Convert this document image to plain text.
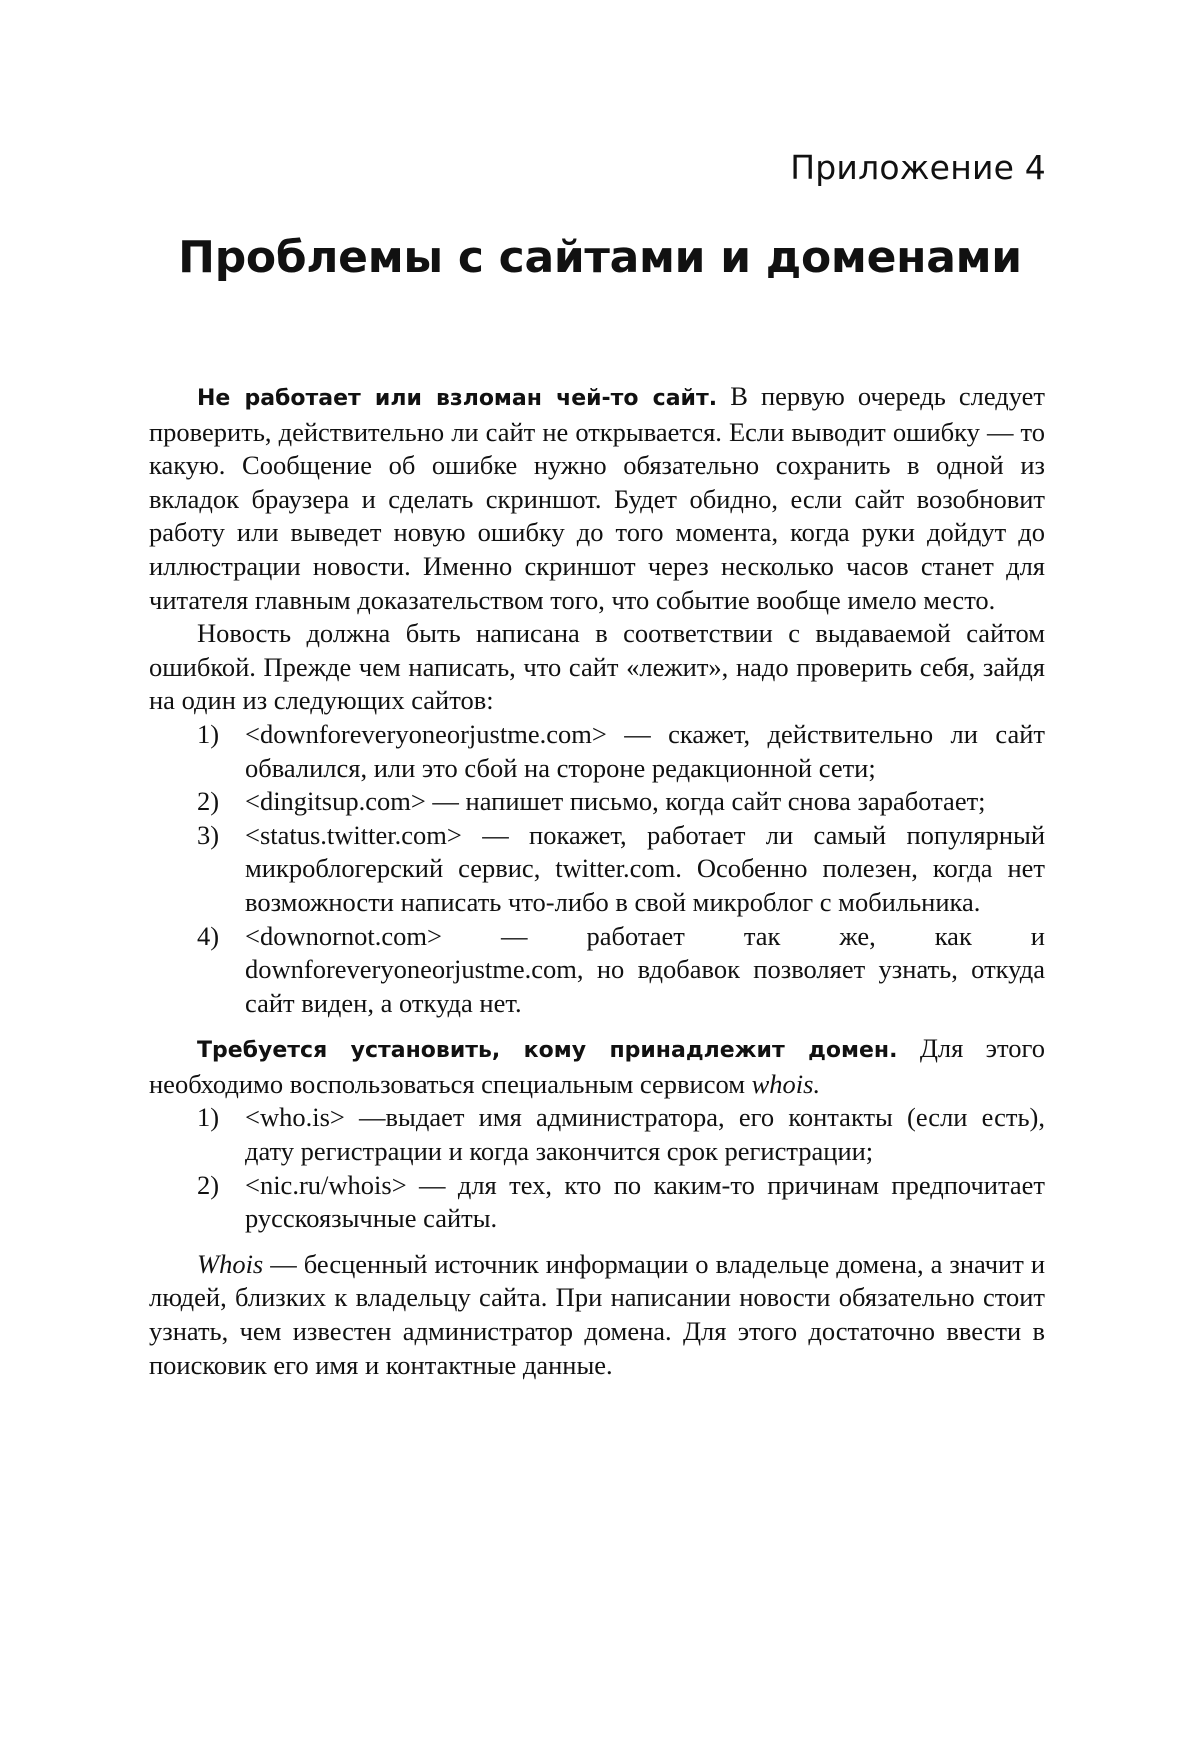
Приложение 4
Проблемы с сайтами и доменами

Не работает или взломан чей-то сайт. В первую очередь следует проверить, действительно ли сайт не открывается. Если выводит ошибку — то какую. Сообщение об ошибке нужно обязательно сохранить в одной из вкладок браузера и сделать скриншот. Будет обидно, если сайт возобновит работу или выведет новую ошибку до того момента, когда руки дойдут до иллюстрации новости. Именно скриншот через несколько часов станет для читателя главным доказательством того, что событие вообще имело место.

Новость должна быть написана в соответствии с выдаваемой сайтом ошибкой. Прежде чем написать, что сайт «лежит», надо проверить себя, зайдя на один из следующих сайтов:

1) <downforeveryoneorjustme.com> — скажет, действительно ли сайт обвалился, или это сбой на стороне редакционной сети;
2) <dingitsup.com> — напишет письмо, когда сайт снова заработает;
3) <status.twitter.com> — покажет, работает ли самый популярный микроблогерский сервис, twitter.com. Особенно полезен, когда нет возможности написать что-либо в свой микроблог с мобильника.
4) <downornot.com> — работает так же, как и downforeveryoneorjustme.com, но вдобавок позволяет узнать, откуда сайт виден, а откуда нет.

Требуется установить, кому принадлежит домен. Для этого необходимо воспользоваться специальным сервисом whois.

1) <who.is> —выдает имя администратора, его контакты (если есть), дату регистрации и когда закончится срок регистрации;
2) <nic.ru/whois> — для тех, кто по каким-то причинам предпочитает русскоязычные сайты.

Whois — бесценный источник информации о владельце домена, а значит и людей, близких к владельцу сайта. При написании новости обязательно стоит узнать, чем известен администратор домена. Для этого достаточно ввести в поисковик его имя и контактные данные.
